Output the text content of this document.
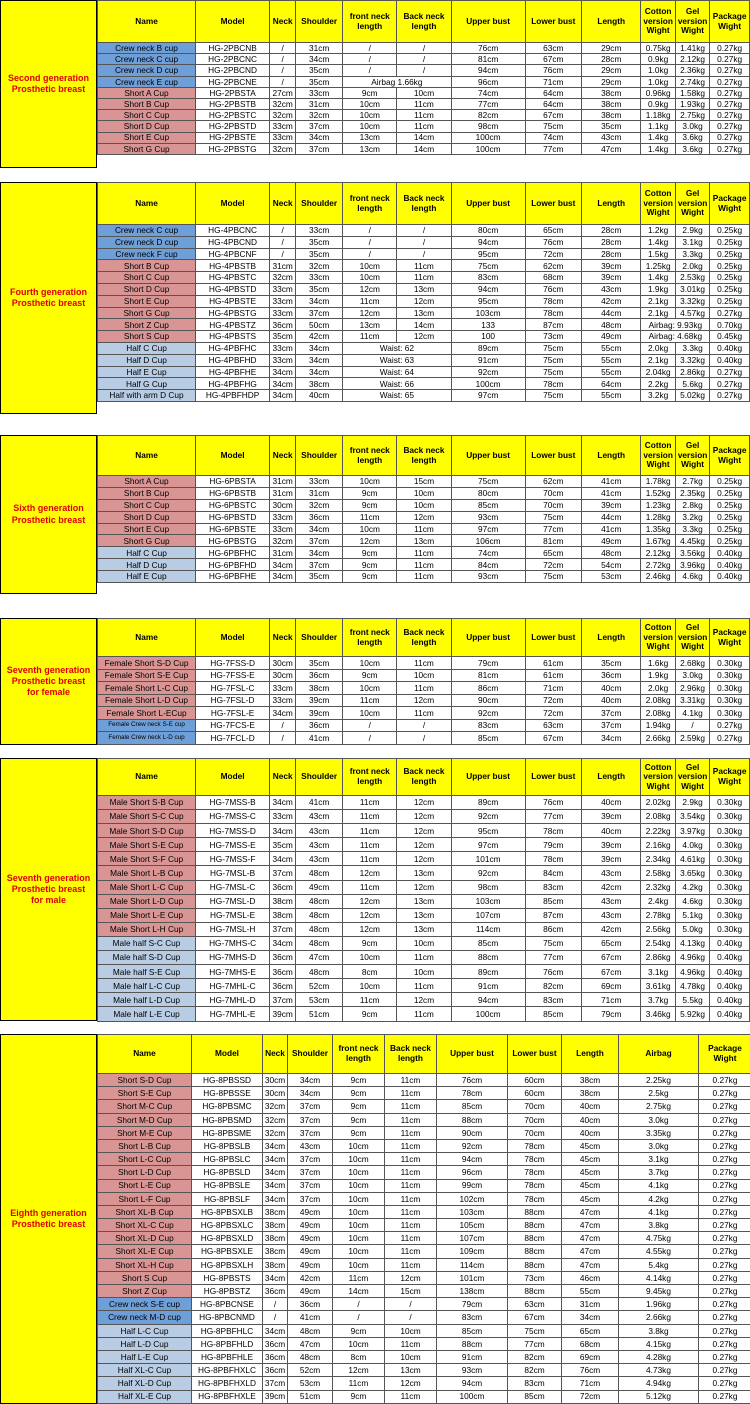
Second generation
Prosthetic breast
Name	Model	Neck	Shoulder	front neck length	Back neck length	Upper bust	Lower bust	Length	Cotton version Wight	Gel version Wight	Package Wight
Crew neck B cup	HG-2PBCNB	/	31cm	/	/	76cm	63cm	29cm	0.75kg	1.41kg	0.27kg
Crew neck C cup	HG-2PBCNC	/	34cm	/	/	81cm	67cm	28cm	0.9kg	2.12kg	0.27kg
Crew neck D cup	HG-2PBCND	/	35cm	/	/	94cm	76cm	29cm	1.0kg	2.36kg	0.27kg
Crew neck E cup	HG-2PBCNE	/	35cm	Airbag 1.66kg		96cm	71cm	29cm	1.0kg	2.74kg	0.27kg
Short A Cup	HG-2PBSTA	27cm	33cm	9cm	10cm	74cm	64cm	38cm	0.96kg	1.58kg	0.27kg
Short B Cup	HG-2PBSTB	32cm	31cm	10cm	11cm	77cm	64cm	38cm	0.9kg	1.93kg	0.27kg
Short C Cup	HG-2PBSTC	32cm	32cm	10cm	11cm	82cm	67cm	38cm	1.18kg	2.75kg	0.27kg
Short D Cup	HG-2PBSTD	33cm	37cm	10cm	11cm	98cm	75cm	35cm	1.1kg	3.0kg	0.27kg
Short E Cup	HG-2PBSTE	33cm	34cm	13cm	14cm	100cm	74cm	43cm	1.4kg	3.6kg	0.27kg
Short G Cup	HG-2PBSTG	32cm	37cm	13cm	14cm	100cm	77cm	47cm	1.4kg	3.6kg	0.27kg
Fourth generation
Prosthetic breast
Name	Model	Neck	Shoulder	front neck length	Back neck length	Upper bust	Lower bust	Length	Cotton version Wight	Gel version Wight	Package Wight
Crew neck C cup	HG-4PBCNC	/	33cm	/	/	80cm	65cm	28cm	1.2kg	2.9kg	0.25kg
Crew neck D cup	HG-4PBCND	/	35cm	/	/	94cm	76cm	28cm	1.4kg	3.1kg	0.25kg
Crew neck F cup	HG-4PBCNF	/	35cm	/	/	95cm	72cm	28cm	1.5kg	3.3kg	0.25kg
Short B Cup	HG-4PBSTB	31cm	32cm	10cm	11cm	75cm	62cm	39cm	1.25kg	2.0kg	0.25kg
Short C Cup	HG-4PBSTC	32cm	33cm	10cm	11cm	83cm	68cm	39cm	1.4kg	2.53kg	0.25kg
Short D Cup	HG-4PBSTD	33cm	35cm	12cm	13cm	94cm	76cm	43cm	1.9kg	3.01kg	0.25kg
Short E Cup	HG-4PBSTE	33cm	34cm	11cm	12cm	95cm	78cm	42cm	2.1kg	3.32kg	0.25kg
Short G Cup	HG-4PBSTG	33cm	37cm	12cm	13cm	103cm	78cm	44cm	2.1kg	4.57kg	0.27kg
Short Z Cup	HG-4PBSTZ	36cm	50cm	13cm	14cm	133	87cm	48cm	Airbag: 9.93kg		0.70kg
Short S Cup	HG-4PBSTS	35cm	42cm	11cm	12cm	100	73cm	49cm	Airbag: 4.68kg		0.45kg
Half C Cup	HG-4PBFHC	33cm	34cm	Waist: 62		89cm	75cm	55cm	2.0kg	3.3kg	0.40kg
Half D Cup	HG-4PBFHD	33cm	34cm	Waist: 63		91cm	75cm	55cm	2.1kg	3.32kg	0.40kg
Half E Cup	HG-4PBFHE	34cm	34cm	Waist: 64		92cm	75cm	55cm	2.04kg	2.86kg	0.27kg
Half G Cup	HG-4PBFHG	34cm	38cm	Waist: 66		100cm	78cm	64cm	2.2kg	5.6kg	0.27kg
Half with arm D Cup	HG-4PBFHDP	34cm	40cm	Waist: 65		97cm	75cm	55cm	3.2kg	5.02kg	0.27kg
Sixth generation
Prosthetic breast
Name	Model	Neck	Shoulder	front neck length	Back neck length	Upper bust	Lower bust	Length	Cotton version Wight	Gel version Wight	Package Wight
Short A Cup	HG-6PBSTA	31cm	33cm	10cm	15cm	75cm	62cm	41cm	1.78kg	2.7kg	0.25kg
Short B Cup	HG-6PBSTB	31cm	31cm	9cm	10cm	80cm	70cm	41cm	1.52kg	2.35kg	0.25kg
Short C Cup	HG-6PBSTC	30cm	32cm	9cm	10cm	85cm	70cm	39cm	1.23kg	2.8kg	0.25kg
Short D Cup	HG-6PBSTD	33cm	36cm	11cm	12cm	93cm	75cm	44cm	1.28kg	3.2kg	0.25kg
Short E Cup	HG-6PBSTE	33cm	34cm	10cm	11cm	97cm	77cm	41cm	1.35kg	3.3kg	0.25kg
Short G Cup	HG-6PBSTG	32cm	37cm	12cm	13cm	106cm	81cm	49cm	1.67kg	4.45kg	0.25kg
Half C Cup	HG-6PBFHC	31cm	34cm	9cm	11cm	74cm	65cm	48cm	2.12kg	3.56kg	0.40kg
Half D Cup	HG-6PBFHD	34cm	37cm	9cm	11cm	84cm	72cm	54cm	2.72kg	3.96kg	0.40kg
Half E Cup	HG-6PBFHE	34cm	35cm	9cm	11cm	93cm	75cm	53cm	2.46kg	4.6kg	0.40kg
Seventh generation
Prosthetic breast
for female
Name	Model	Neck	Shoulder	front neck length	Back neck length	Upper bust	Lower bust	Length	Cotton version Wight	Gel version Wight	Package Wight
Female Short S-D Cup	HG-7FSS-D	30cm	35cm	10cm	11cm	79cm	61cm	35cm	1.6kg	2.68kg	0.30kg
Female Short S-E Cup	HG-7FSS-E	30cm	36cm	9cm	10cm	81cm	61cm	36cm	1.9kg	3.0kg	0.30kg
Female Short L-C Cup	HG-7FSL-C	33cm	38cm	10cm	11cm	86cm	71cm	40cm	2.0kg	2.96kg	0.30kg
Female Short L-D Cup	HG-7FSL-D	33cm	39cm	11cm	12cm	90cm	72cm	40cm	2.08kg	3.31kg	0.30kg
Female Short L-ECup	HG-7FSL-E	34cm	39cm	10cm	11cm	92cm	72cm	37cm	2.08kg	4.1kg	0.30kg
Female Crew neck S-E cup	HG-7FCS-E	/	36cm	/	/	83cm	63cm	37cm	1.94kg	/	0.27kg
Female Crew neck L-D cup	HG-7FCL-D	/	41cm	/	/	85cm	67cm	34cm	2.66kg	2.59kg	0.27kg
Seventh generation
Prosthetic breast
for male
Name	Model	Neck	Shoulder	front neck length	Back neck length	Upper bust	Lower bust	Length	Cotton version Wight	Gel version Wight	Package Wight
Male Short S-B Cup	HG-7MSS-B	34cm	41cm	11cm	12cm	89cm	76cm	40cm	2.02kg	2.9kg	0.30kg
Male Short S-C Cup	HG-7MSS-C	33cm	43cm	11cm	12cm	92cm	77cm	39cm	2.08kg	3.54kg	0.30kg
Male Short S-D Cup	HG-7MSS-D	34cm	43cm	11cm	12cm	95cm	78cm	40cm	2.22kg	3.97kg	0.30kg
Male Short S-E Cup	HG-7MSS-E	35cm	43cm	11cm	12cm	97cm	79cm	39cm	2.16kg	4.0kg	0.30kg
Male Short S-F Cup	HG-7MSS-F	34cm	43cm	11cm	12cm	101cm	78cm	39cm	2.34kg	4.61kg	0.30kg
Male Short L-B Cup	HG-7MSL-B	37cm	48cm	12cm	13cm	92cm	84cm	43cm	2.58kg	3.65kg	0.30kg
Male Short L-C Cup	HG-7MSL-C	36cm	49cm	11cm	12cm	98cm	83cm	42cm	2.32kg	4.2kg	0.30kg
Male Short L-D Cup	HG-7MSL-D	38cm	48cm	12cm	13cm	103cm	85cm	43cm	2.4kg	4.6kg	0.30kg
Male Short L-E Cup	HG-7MSL-E	38cm	48cm	12cm	13cm	107cm	87cm	43cm	2.78kg	5.1kg	0.30kg
Male Short L-H Cup	HG-7MSL-H	37cm	48cm	12cm	13cm	114cm	86cm	42cm	2.56kg	5.0kg	0.30kg
Male half S-C Cup	HG-7MHS-C	34cm	48cm	9cm	10cm	85cm	75cm	65cm	2.54kg	4.13kg	0.40kg
Male half S-D Cup	HG-7MHS-D	36cm	47cm	10cm	11cm	88cm	77cm	67cm	2.86kg	4.96kg	0.40kg
Male half S-E Cup	HG-7MHS-E	36cm	48cm	8cm	10cm	89cm	76cm	67cm	3.1kg	4.96kg	0.40kg
Male half L-C Cup	HG-7MHL-C	36cm	52cm	10cm	11cm	91cm	82cm	69cm	3.61kg	4.78kg	0.40kg
Male half L-D Cup	HG-7MHL-D	37cm	53cm	11cm	12cm	94cm	83cm	71cm	3.7kg	5.5kg	0.40kg
Male half L-E Cup	HG-7MHL-E	39cm	51cm	9cm	11cm	100cm	85cm	79cm	3.46kg	5.92kg	0.40kg
Eighth generation
Prosthetic breast
Name	Model	Neck	Shoulder	front neck length	Back neck length	Upper bust	Lower bust	Length	Airbag	Package Wight
Short S-D Cup	HG-8PBSSD	30cm	34cm	9cm	11cm	76cm	60cm	38cm	2.25kg	0.27kg
Short S-E Cup	HG-8PBSSE	30cm	34cm	9cm	11cm	78cm	60cm	38cm	2.5kg	0.27kg
Short M-C Cup	HG-8PBSMC	32cm	37cm	9cm	11cm	85cm	70cm	40cm	2.75kg	0.27kg
Short M-D Cup	HG-8PBSMD	32cm	37cm	9cm	11cm	88cm	70cm	40cm	3.0kg	0.27kg
Short M-E Cup	HG-8PBSME	32cm	37cm	9cm	11cm	90cm	70cm	40cm	3.35kg	0.27kg
Short L-B Cup	HG-8PBSLB	34cm	43cm	10cm	11cm	92cm	78cm	45cm	3.0kg	0.27kg
Short L-C Cup	HG-8PBSLC	34cm	37cm	10cm	11cm	94cm	78cm	45cm	3.1kg	0.27kg
Short L-D Cup	HG-8PBSLD	34cm	37cm	10cm	11cm	96cm	78cm	45cm	3.7kg	0.27kg
Short L-E Cup	HG-8PBSLE	34cm	37cm	10cm	11cm	99cm	78cm	45cm	4.1kg	0.27kg
Short L-F Cup	HG-8PBSLF	34cm	37cm	10cm	11cm	102cm	78cm	45cm	4.2kg	0.27kg
Short XL-B Cup	HG-8PBSXLB	38cm	49cm	10cm	11cm	103cm	88cm	47cm	4.1kg	0.27kg
Short XL-C Cup	HG-8PBSXLC	38cm	49cm	10cm	11cm	105cm	88cm	47cm	3.8kg	0.27kg
Short XL-D Cup	HG-8PBSXLD	38cm	49cm	10cm	11cm	107cm	88cm	47cm	4.75kg	0.27kg
Short XL-E Cup	HG-8PBSXLE	38cm	49cm	10cm	11cm	109cm	88cm	47cm	4.55kg	0.27kg
Short XL-H Cup	HG-8PBSXLH	38cm	49cm	10cm	11cm	114cm	88cm	47cm	5.4kg	0.27kg
Short S Cup	HG-8PBSTS	34cm	42cm	11cm	12cm	101cm	73cm	46cm	4.14kg	0.27kg
Short Z Cup	HG-8PBSTZ	36cm	49cm	14cm	15cm	138cm	88cm	55cm	9.45kg	0.27kg
Crew neck S-E cup	HG-8PBCNSE	/	36cm	/	/	79cm	63cm	31cm	1.96kg	0.27kg
Crew neck M-D cup	HG-8PBCNMD	/	41cm	/	/	83cm	67cm	34cm	2.66kg	0.27kg
Half L-C Cup	HG-8PBFHLC	34cm	48cm	9cm	10cm	85cm	75cm	65cm	3.8kg	0.27kg
Half L-D Cup	HG-8PBFHLD	36cm	47cm	10cm	11cm	88cm	77cm	68cm	4.15kg	0.27kg
Half L-E Cup	HG-8PBFHLE	36cm	48cm	8cm	10cm	91cm	82cm	69cm	4.28kg	0.27kg
Half XL-C Cup	HG-8PBFHXLC	36cm	52cm	12cm	13cm	93cm	82cm	76cm	4.73kg	0.27kg
Half XL-D Cup	HG-8PBFHXLD	37cm	53cm	11cm	12cm	94cm	83cm	71cm	4.94kg	0.27kg
Half XL-E Cup	HG-8PBFHXLE	39cm	51cm	9cm	11cm	100cm	85cm	72cm	5.12kg	0.27kg
